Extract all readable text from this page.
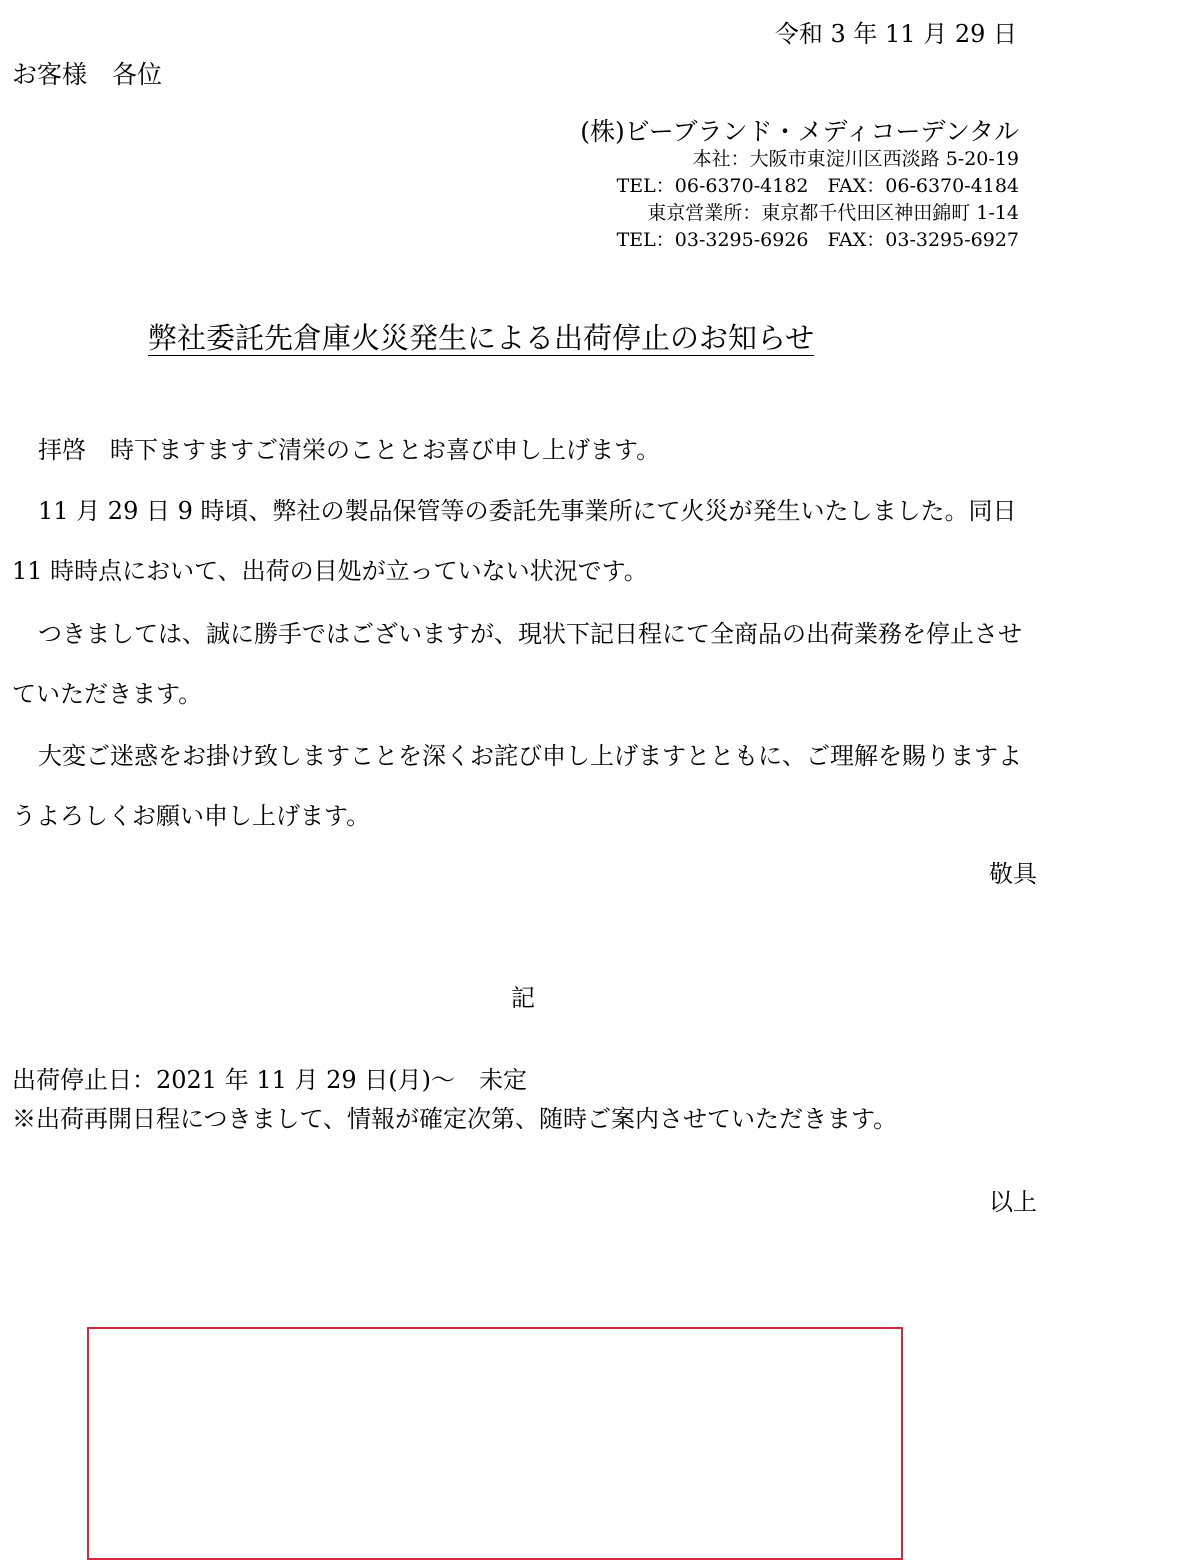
令和 3 年 11 月 29 日
お客様　各位
(株)ビーブランド・メディコーデンタル
本社：大阪市東淀川区西淡路 5-20-19
TEL：06-6370-4182　FAX：06-6370-4184
東京営業所：東京都千代田区神田錦町 1-14
TEL：03-3295-6926　FAX：03-3295-6927
弊社委託先倉庫火災発生による出荷停止のお知らせ

拝啓　時下ますますご清栄のこととお喜び申し上げます。

11 月 29 日 9 時頃、弊社の製品保管等の委託先事業所にて火災が発生いたしました。同日 11 時時点において、出荷の目処が立っていない状況です。

つきましては、誠に勝手ではございますが、現状下記日程にて全商品の出荷業務を停止させていただきます。

大変ご迷惑をお掛け致しますことを深くお詫び申し上げますとともに、ご理解を賜りますようよろしくお願い申し上げます。

敬具
記
出荷停止日：2021 年 11 月 29 日(月)～　未定
※出荷再開日程につきまして、情報が確定次第、随時ご案内させていただきます。
以上
